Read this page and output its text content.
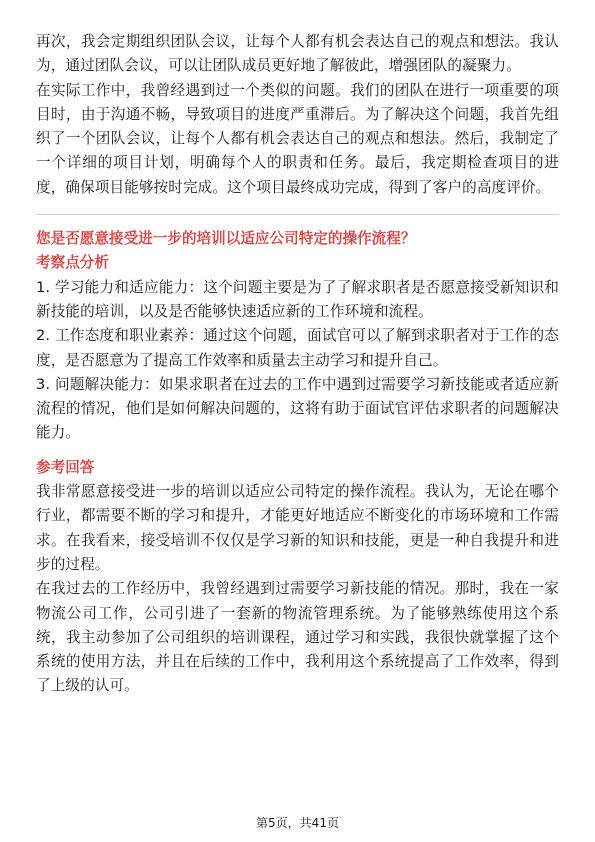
再次，我会定期组织团队会议，让每个人都有机会表达自己的观点和想法。我认为，通过团队会议，可以让团队成员更好地了解彼此，增强团队的凝聚力。

在实际工作中，我曾经遇到过一个类似的问题。我们的团队在进行一项重要的项目时，由于沟通不畅，导致项目的进度严重滞后。为了解决这个问题，我首先组织了一个团队会议，让每个人都有机会表达自己的观点和想法。然后，我制定了一个详细的项目计划，明确每个人的职责和任务。最后，我定期检查项目的进度，确保项目能够按时完成。这个项目最终成功完成，得到了客户的高度评价。

您是否愿意接受进一步的培训以适应公司特定的操作流程？

考察点分析

1. 学习能力和适应能力：这个问题主要是为了了解求职者是否愿意接受新知识和新技能的培训，以及是否能够快速适应新的工作环境和流程。

2. 工作态度和职业素养：通过这个问题，面试官可以了解到求职者对于工作的态度，是否愿意为了提高工作效率和质量去主动学习和提升自己。

3. 问题解决能力：如果求职者在过去的工作中遇到过需要学习新技能或者适应新流程的情况，他们是如何解决问题的，这将有助于面试官评估求职者的问题解决能力。

参考回答

我非常愿意接受进一步的培训以适应公司特定的操作流程。我认为，无论在哪个行业，都需要不断的学习和提升，才能更好地适应不断变化的市场环境和工作需求。在我看来，接受培训不仅仅是学习新的知识和技能，更是一种自我提升和进步的过程。

在我过去的工作经历中，我曾经遇到过需要学习新技能的情况。那时，我在一家物流公司工作，公司引进了一套新的物流管理系统。为了能够熟练使用这个系统，我主动参加了公司组织的培训课程，通过学习和实践，我很快就掌握了这个系统的使用方法，并且在后续的工作中，我利用这个系统提高了工作效率，得到了上级的认可。

第5页，共41页
